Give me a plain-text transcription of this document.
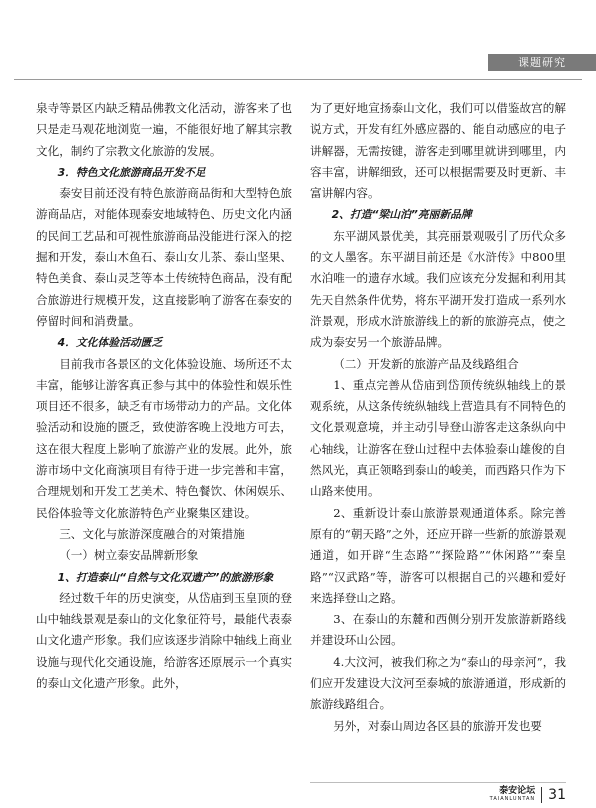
课题研究

泉寺等景区内缺乏精品佛教文化活动，游客来了也只是走马观花地浏览一遍，不能很好地了解其宗教文化，制约了宗教文化旅游的发展。

3．特色文化旅游商品开发不足

泰安目前还没有特色旅游商品街和大型特色旅游商品店，对能体现泰安地域特色、历史文化内涵的民间工艺品和可视性旅游商品没能进行深入的挖掘和开发，泰山木鱼石、泰山女儿茶、泰山坚果、特色美食、泰山灵芝等本土传统特色商品，没有配合旅游进行规模开发，这直接影响了游客在泰安的停留时间和消费量。

4．文化体验活动匮乏

目前我市各景区的文化体验设施、场所还不太丰富，能够让游客真正参与其中的体验性和娱乐性项目还不很多，缺乏有市场带动力的产品。文化体验活动和设施的匮乏，致使游客晚上没地方可去，这在很大程度上影响了旅游产业的发展。此外，旅游市场中文化商演项目有待于进一步完善和丰富，合理规划和开发工艺美术、特色餐饮、休闲娱乐、民俗体验等文化旅游特色产业聚集区建设。

三、文化与旅游深度融合的对策措施

（一）树立泰安品牌新形象

1、打造泰山“自然与文化双遗产”的旅游形象

经过数千年的历史演变，从岱庙到玉皇顶的登山中轴线景观是泰山的文化象征符号，最能代表泰山文化遗产形象。我们应该逐步消除中轴线上商业设施与现代化交通设施，给游客还原展示一个真实的泰山文化遗产形象。此外，

为了更好地宣扬泰山文化，我们可以借鉴故宫的解说方式，开发有红外感应器的、能自动感应的电子讲解器，无需按键，游客走到哪里就讲到哪里，内容丰富，讲解细致，还可以根据需要及时更新、丰富讲解内容。

2、打造“梁山泊”亮丽新品牌

东平湖风景优美，其亮丽景观吸引了历代众多的文人墨客。东平湖目前还是《水浒传》中800里水泊唯一的遗存水域。我们应该充分发掘和利用其先天自然条件优势，将东平湖开发打造成一系列水浒景观，形成水浒旅游线上的新的旅游亮点，使之成为泰安另一个旅游品牌。

（二）开发新的旅游产品及线路组合

1、重点完善从岱庙到岱顶传统纵轴线上的景观系统，从这条传统纵轴线上营造具有不同特色的文化景观意境，并主动引导登山游客走这条纵向中心轴线，让游客在登山过程中去体验泰山雄俊的自然风光，真正领略到泰山的峻美，而西路只作为下山路来使用。

2、重新设计泰山旅游景观通道体系。除完善原有的“朝天路”之外，还应开辟一些新的旅游景观通道，如开辟“生态路”“探险路”“休闲路”“秦皇路”“汉武路”等，游客可以根据自己的兴趣和爱好来选择登山之路。

3、在泰山的东麓和西侧分别开发旅游新路线并建设环山公园。

4.大汶河，被我们称之为“泰山的母亲河”，我们应开发建设大汶河至泰城的旅游通道，形成新的旅游线路组合。

另外，对泰山周边各区县的旅游开发也要

泰安论坛
TAIANLUNTAN 31
